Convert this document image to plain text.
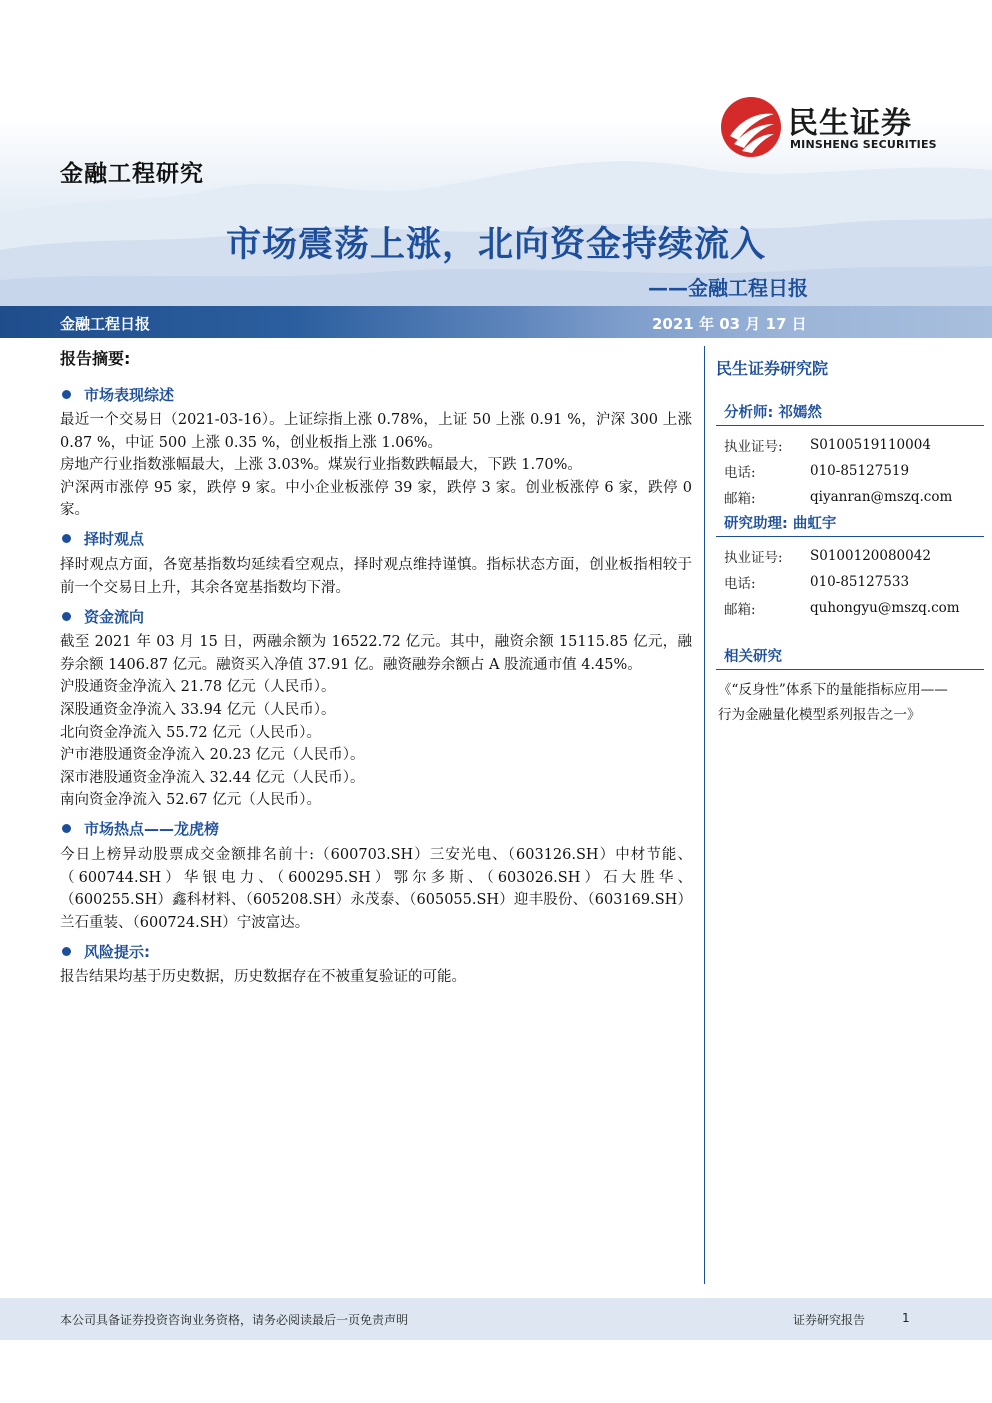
金融工程研究
民生证券
MINSHENG SECURITIES
市场震荡上涨，北向资金持续流入
——金融工程日报
金融工程日报	2021 年 03 月 17 日
报告摘要:
市场表现综述

最近一个交易日（2021-03-16）。上证综指上涨 0.78%，上证 50 上涨 0.91 %，沪深 300 上涨 0.87 %，中证 500 上涨 0.35 %，创业板指上涨 1.06%。

房地产行业指数涨幅最大，上涨 3.03%。煤炭行业指数跌幅最大，下跌 1.70%。

沪深两市涨停 95 家，跌停 9 家。中小企业板涨停 39 家，跌停 3 家。创业板涨停 6 家，跌停 0 家。

择时观点

择时观点方面，各宽基指数均延续看空观点，择时观点维持谨慎。指标状态方面，创业板指相较于前一个交易日上升，其余各宽基指数均下滑。

资金流向

截至 2021 年 03 月 15 日，两融余额为 16522.72 亿元。其中，融资余额 15115.85 亿元，融券余额 1406.87 亿元。融资买入净值 37.91 亿。融资融券余额占 A 股流通市值 4.45%。

沪股通资金净流入 21.78 亿元（人民币）。

深股通资金净流入 33.94 亿元（人民币）。

北向资金净流入 55.72 亿元（人民币）。

沪市港股通资金净流入 20.23 亿元（人民币）。

深市港股通资金净流入 32.44 亿元（人民币）。

南向资金净流入 52.67 亿元（人民币）。

市场热点——龙虎榜

今日上榜异动股票成交金额排名前十:（600703.SH）三安光电、（603126.SH）中材节能、（600744.SH）华银电力、（600295.SH）鄂尔多斯、（603026.SH）石大胜华、（600255.SH）鑫科材料、（605208.SH）永茂泰、（605055.SH）迎丰股份、（603169.SH）兰石重装、（600724.SH）宁波富达。

风险提示:

报告结果均基于历史数据，历史数据存在不被重复验证的可能。

民生证券研究院
分析师: 祁嫣然
执业证号:	S0100519110004
电话:	010-85127519
邮箱:	qiyanran@mszq.com
研究助理: 曲虹宇
执业证号:	S0100120080042
电话:	010-85127533
邮箱:	quhongyu@mszq.com
相关研究
《“反身性”体系下的量能指标应用——
行为金融量化模型系列报告之一》
本公司具备证券投资咨询业务资格，请务必阅读最后一页免责声明	证券研究报告	1
